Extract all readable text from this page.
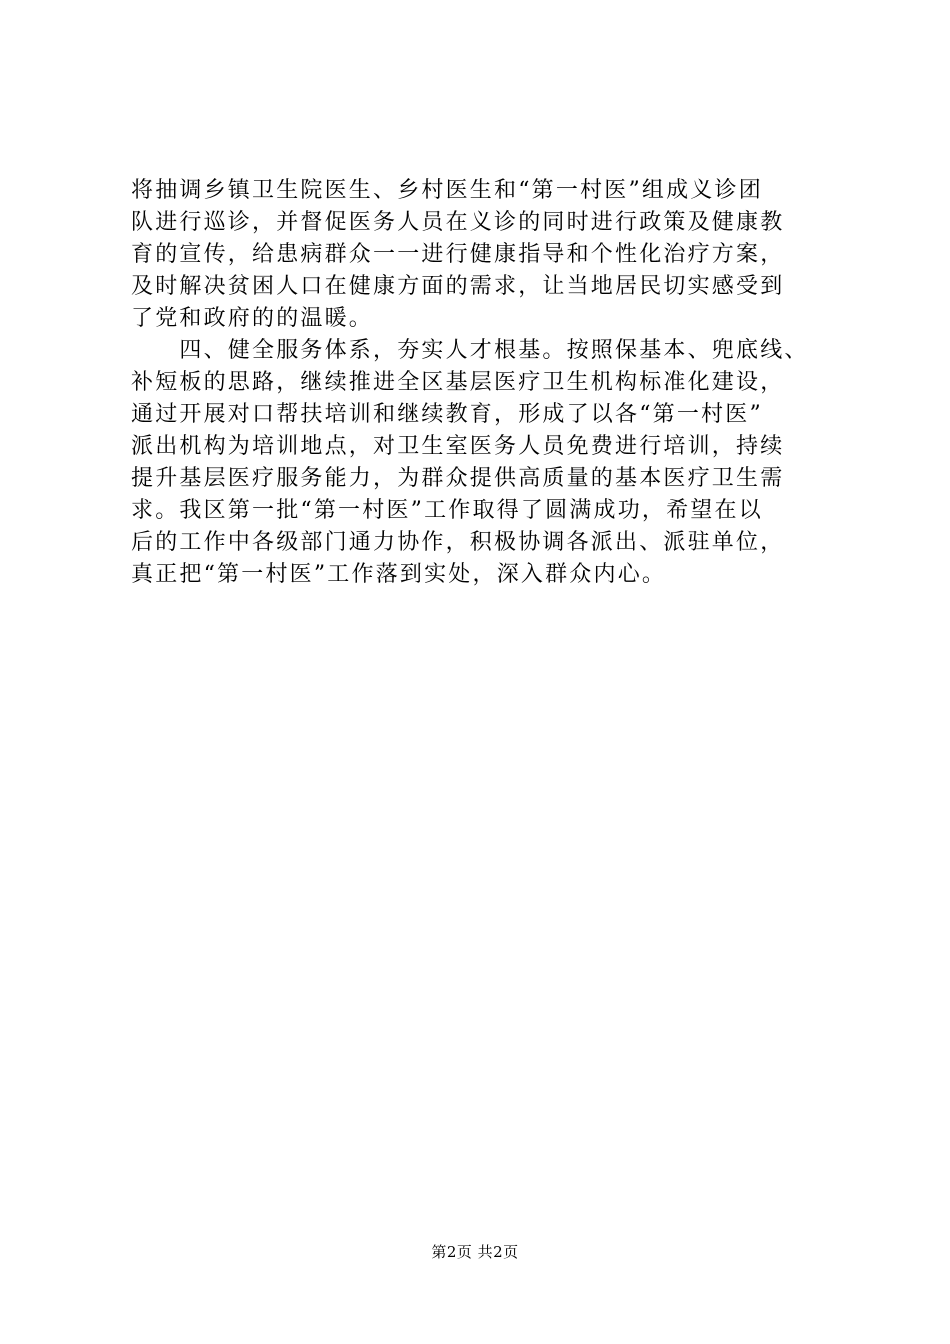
将抽调乡镇卫生院医生、乡村医生和“第一村医”组成义诊团
队进行巡诊，并督促医务人员在义诊的同时进行政策及健康教
育的宣传，给患病群众一一进行健康指导和个性化治疗方案，
及时解决贫困人口在健康方面的需求，让当地居民切实感受到
了党和政府的的温暖。
　　四、健全服务体系，夯实人才根基。按照保基本、兜底线、
补短板的思路，继续推进全区基层医疗卫生机构标准化建设，
通过开展对口帮扶培训和继续教育，形成了以各“第一村医”
派出机构为培训地点，对卫生室医务人员免费进行培训，持续
提升基层医疗服务能力，为群众提供高质量的基本医疗卫生需
求。我区第一批“第一村医”工作取得了圆满成功，希望在以
后的工作中各级部门通力协作，积极协调各派出、派驻单位，
真正把“第一村医”工作落到实处，深入群众内心。
第2页 共2页
